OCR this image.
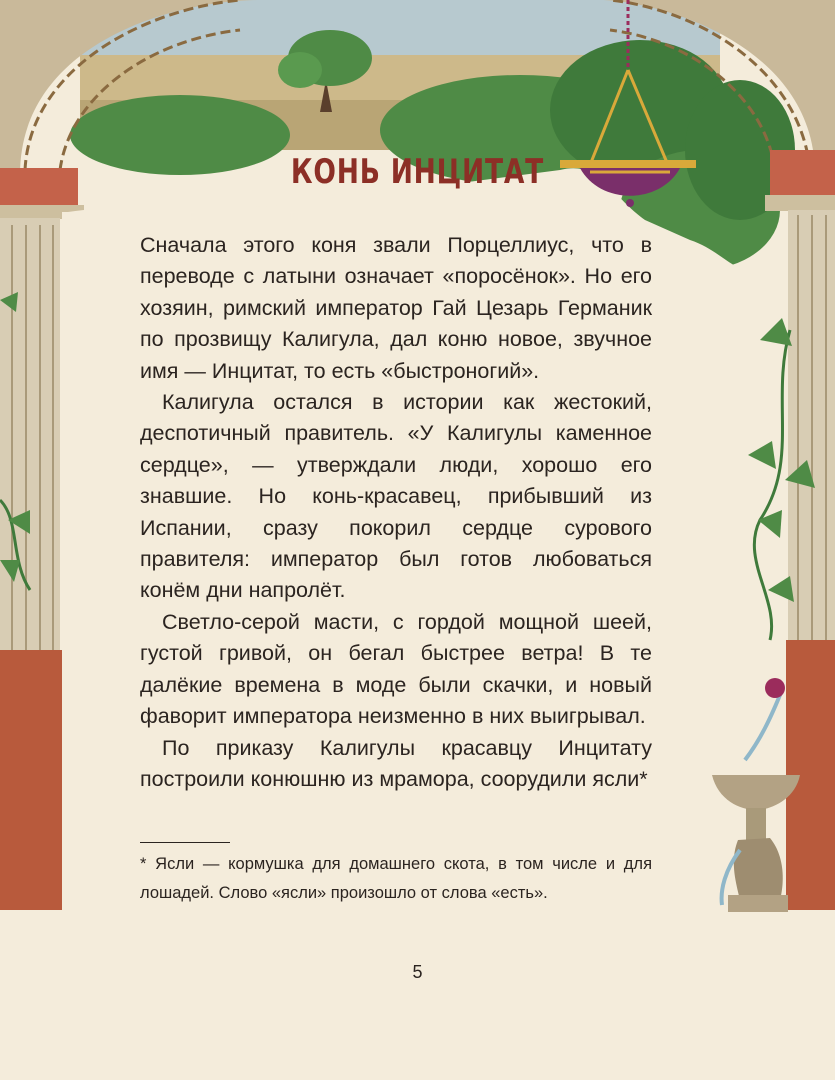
КОНЬ ИНЦИТАТ

Сначала этого коня звали Порцеллиус, что в переводе с латыни означает «поросёнок». Но его хозяин, римский император Гай Цезарь Германик по прозвищу Калигула, дал коню новое, звучное имя — Инцитат, то есть «быстроногий».

Калигула остался в истории как жестокий, деспотичный правитель. «У Калигулы каменное сердце», — утверждали люди, хорошо его знавшие. Но конь-красавец, прибывший из Испании, сразу покорил сердце сурового правителя: император был готов любоваться конём дни напролёт.

Светло-серой масти, с гордой мощной шеей, густой гривой, он бегал быстрее ветра! В те далёкие времена в моде были скачки, и новый фаворит императора неизменно в них выигрывал.

По приказу Калигулы красавцу Инцитату построили конюшню из мрамора, соорудили ясли*

* Ясли — кормушка для домашнего скота, в том числе и для лошадей. Слово «ясли» произошло от слова «есть».

5
